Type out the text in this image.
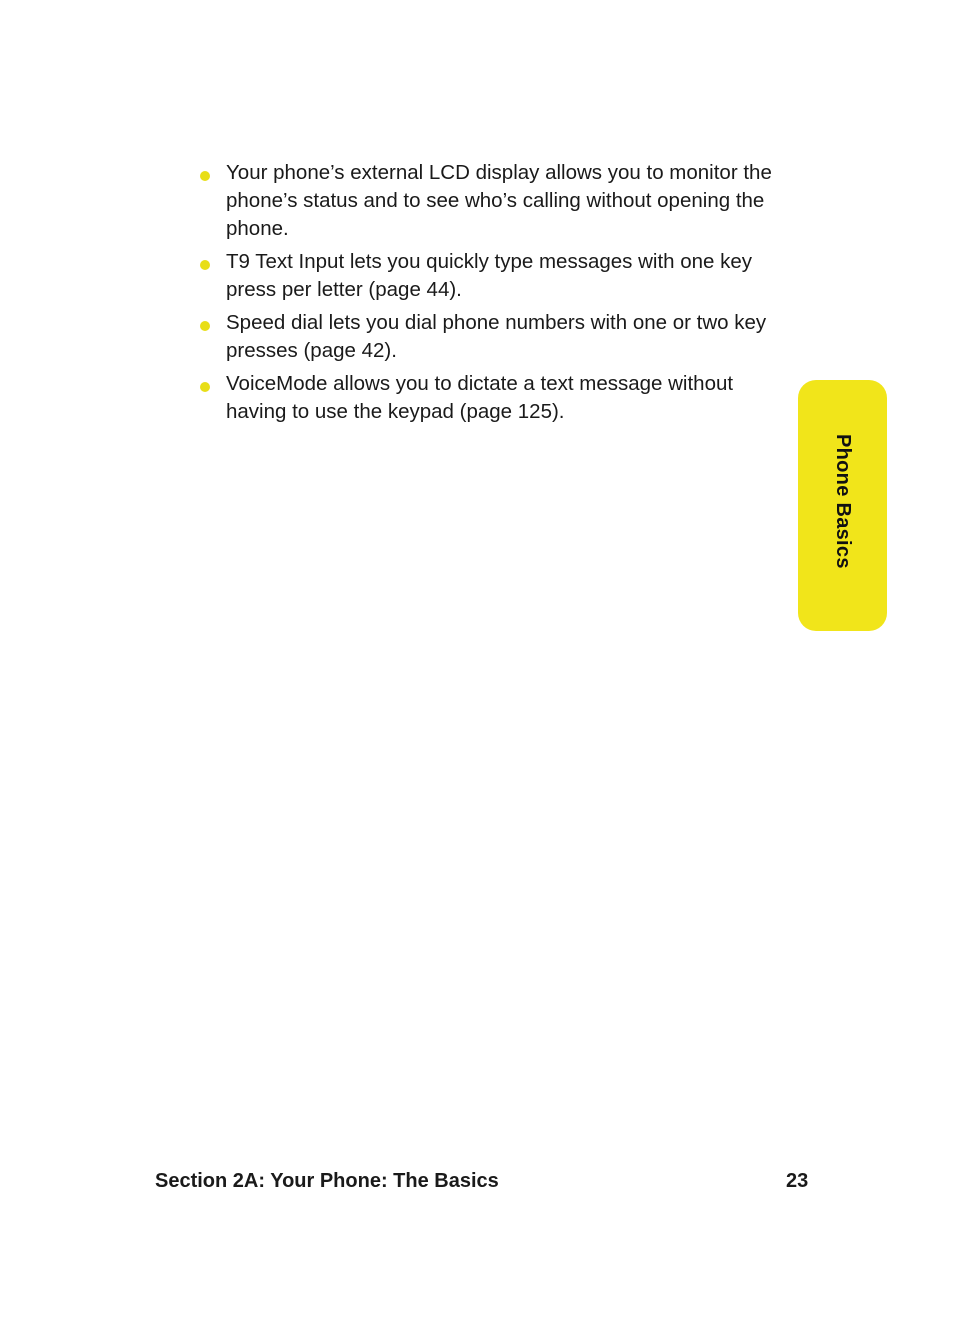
Your phone’s external LCD display allows you to monitor the phone’s status and to see who’s calling without opening the phone.
T9 Text Input lets you quickly type messages with one key press per letter (page 44).
Speed dial lets you dial phone numbers with one or two key presses (page 42).
VoiceMode allows you to dictate a text message without having to use the keypad (page 125).
Phone Basics
Section 2A: Your Phone: The Basics	23
